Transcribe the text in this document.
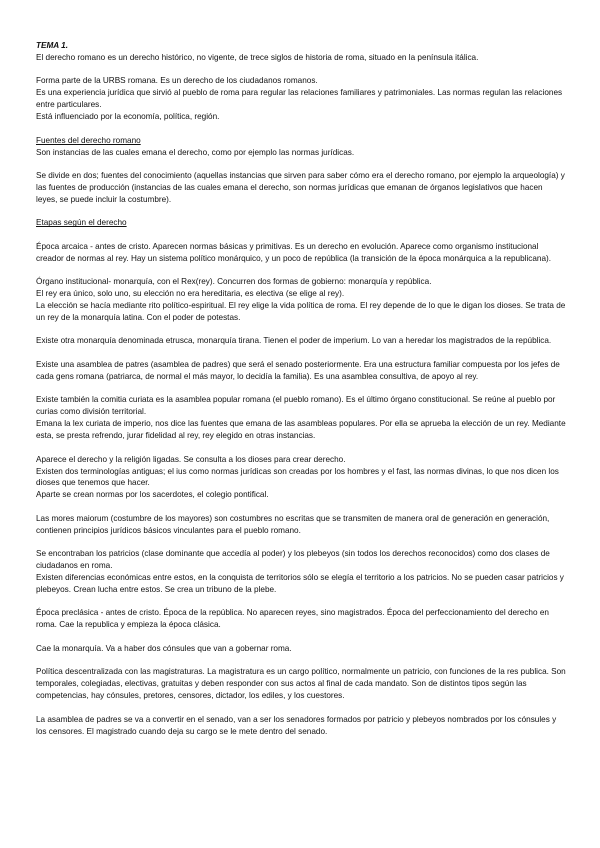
TEMA 1.
El derecho romano es un derecho histórico, no vigente, de trece siglos de historia de roma, situado en la península itálica.
Forma parte de la URBS romana. Es un derecho de los ciudadanos romanos.
Es una experiencia jurídica que sirvió al pueblo de roma para regular las relaciones familiares y patrimoniales. Las normas regulan las relaciones entre particulares.
Está influenciado por la economía, política, región.
Fuentes del derecho romano
Son instancias de las cuales emana el derecho, como por ejemplo las normas jurídicas.
Se divide en dos; fuentes del conocimiento (aquellas instancias que sirven para saber cómo era el derecho romano, por ejemplo la arqueología) y las fuentes de producción (instancias de las cuales emana el derecho, son normas jurídicas que emanan de órganos legislativos que hacen leyes, se puede incluir la costumbre).
Etapas según el derecho
Época arcaica - antes de cristo. Aparecen normas básicas y primitivas. Es un derecho en evolución. Aparece como organismo institucional creador de normas al rey. Hay un sistema político monárquico, y un poco de república (la transición de la época monárquica a la republicana).
Órgano institucional- monarquía, con el Rex(rey). Concurren dos formas de gobierno: monarquía y república.
El rey era único, solo uno, su elección no era hereditaria, es electiva (se elige al rey).
La elección se hacía mediante rito político-espiritual. El rey elige la vida política de roma. El rey depende de lo que le digan los dioses. Se trata de un rey de la monarquía latina. Con el poder de potestas.
Existe otra monarquía denominada etrusca, monarquía tirana. Tienen el poder de imperium. Lo van a heredar los magistrados de la república.
Existe una asamblea de patres (asamblea de padres) que será el senado posteriormente. Era una estructura familiar compuesta por los jefes de cada gens romana (patriarca, de normal el más mayor, lo decidía la familia). Es una asamblea consultiva, de apoyo al rey.
Existe también la comitia curiata es la asamblea popular romana (el pueblo romano). Es el último órgano constitucional. Se reúne al pueblo por curias como división territorial.
Emana la lex curiata de imperio, nos dice las fuentes que emana de las asambleas populares. Por ella se aprueba la elección de un rey. Mediante esta, se presta refrendo, jurar fidelidad al rey, rey elegido en otras instancias.
Aparece el derecho y la religión ligadas. Se consulta a los dioses para crear derecho.
Existen dos terminologías antiguas; el ius como normas jurídicas son creadas por los hombres y el fast, las normas divinas, lo que nos dicen los dioses que tenemos que hacer.
Aparte se crean normas por los sacerdotes, el colegio pontifical.
Las mores maiorum (costumbre de los mayores) son costumbres no escritas que se transmiten de manera oral de generación en generación, contienen principios jurídicos básicos vinculantes para el pueblo romano.
Se encontraban los patricios (clase dominante que accedía al poder) y los plebeyos (sin todos los derechos reconocidos) como dos clases de ciudadanos en roma.
Existen diferencias económicas entre estos, en la conquista de territorios sólo se elegía el territorio a los patricios. No se pueden casar patricios y plebeyos. Crean lucha entre estos. Se crea un tribuno de la plebe.
Época preclásica - antes de cristo. Época de la república. No aparecen reyes, sino magistrados. Época del perfeccionamiento del derecho en roma. Cae la republica y empieza la época clásica.
Cae la monarquía. Va a haber dos cónsules que van a gobernar roma.
Política descentralizada con las magistraturas. La magistratura es un cargo político, normalmente un patricio, con funciones de la res publica. Son temporales, colegiadas, electivas, gratuitas y deben responder con sus actos al final de cada mandato. Son de distintos tipos según las competencias, hay cónsules, pretores, censores, dictador, los ediles, y los cuestores.
La asamblea de padres se va a convertir en el senado, van a ser los senadores formados por patricio y plebeyos nombrados por los cónsules y los censores. El magistrado cuando deja su cargo se le mete dentro del senado.
